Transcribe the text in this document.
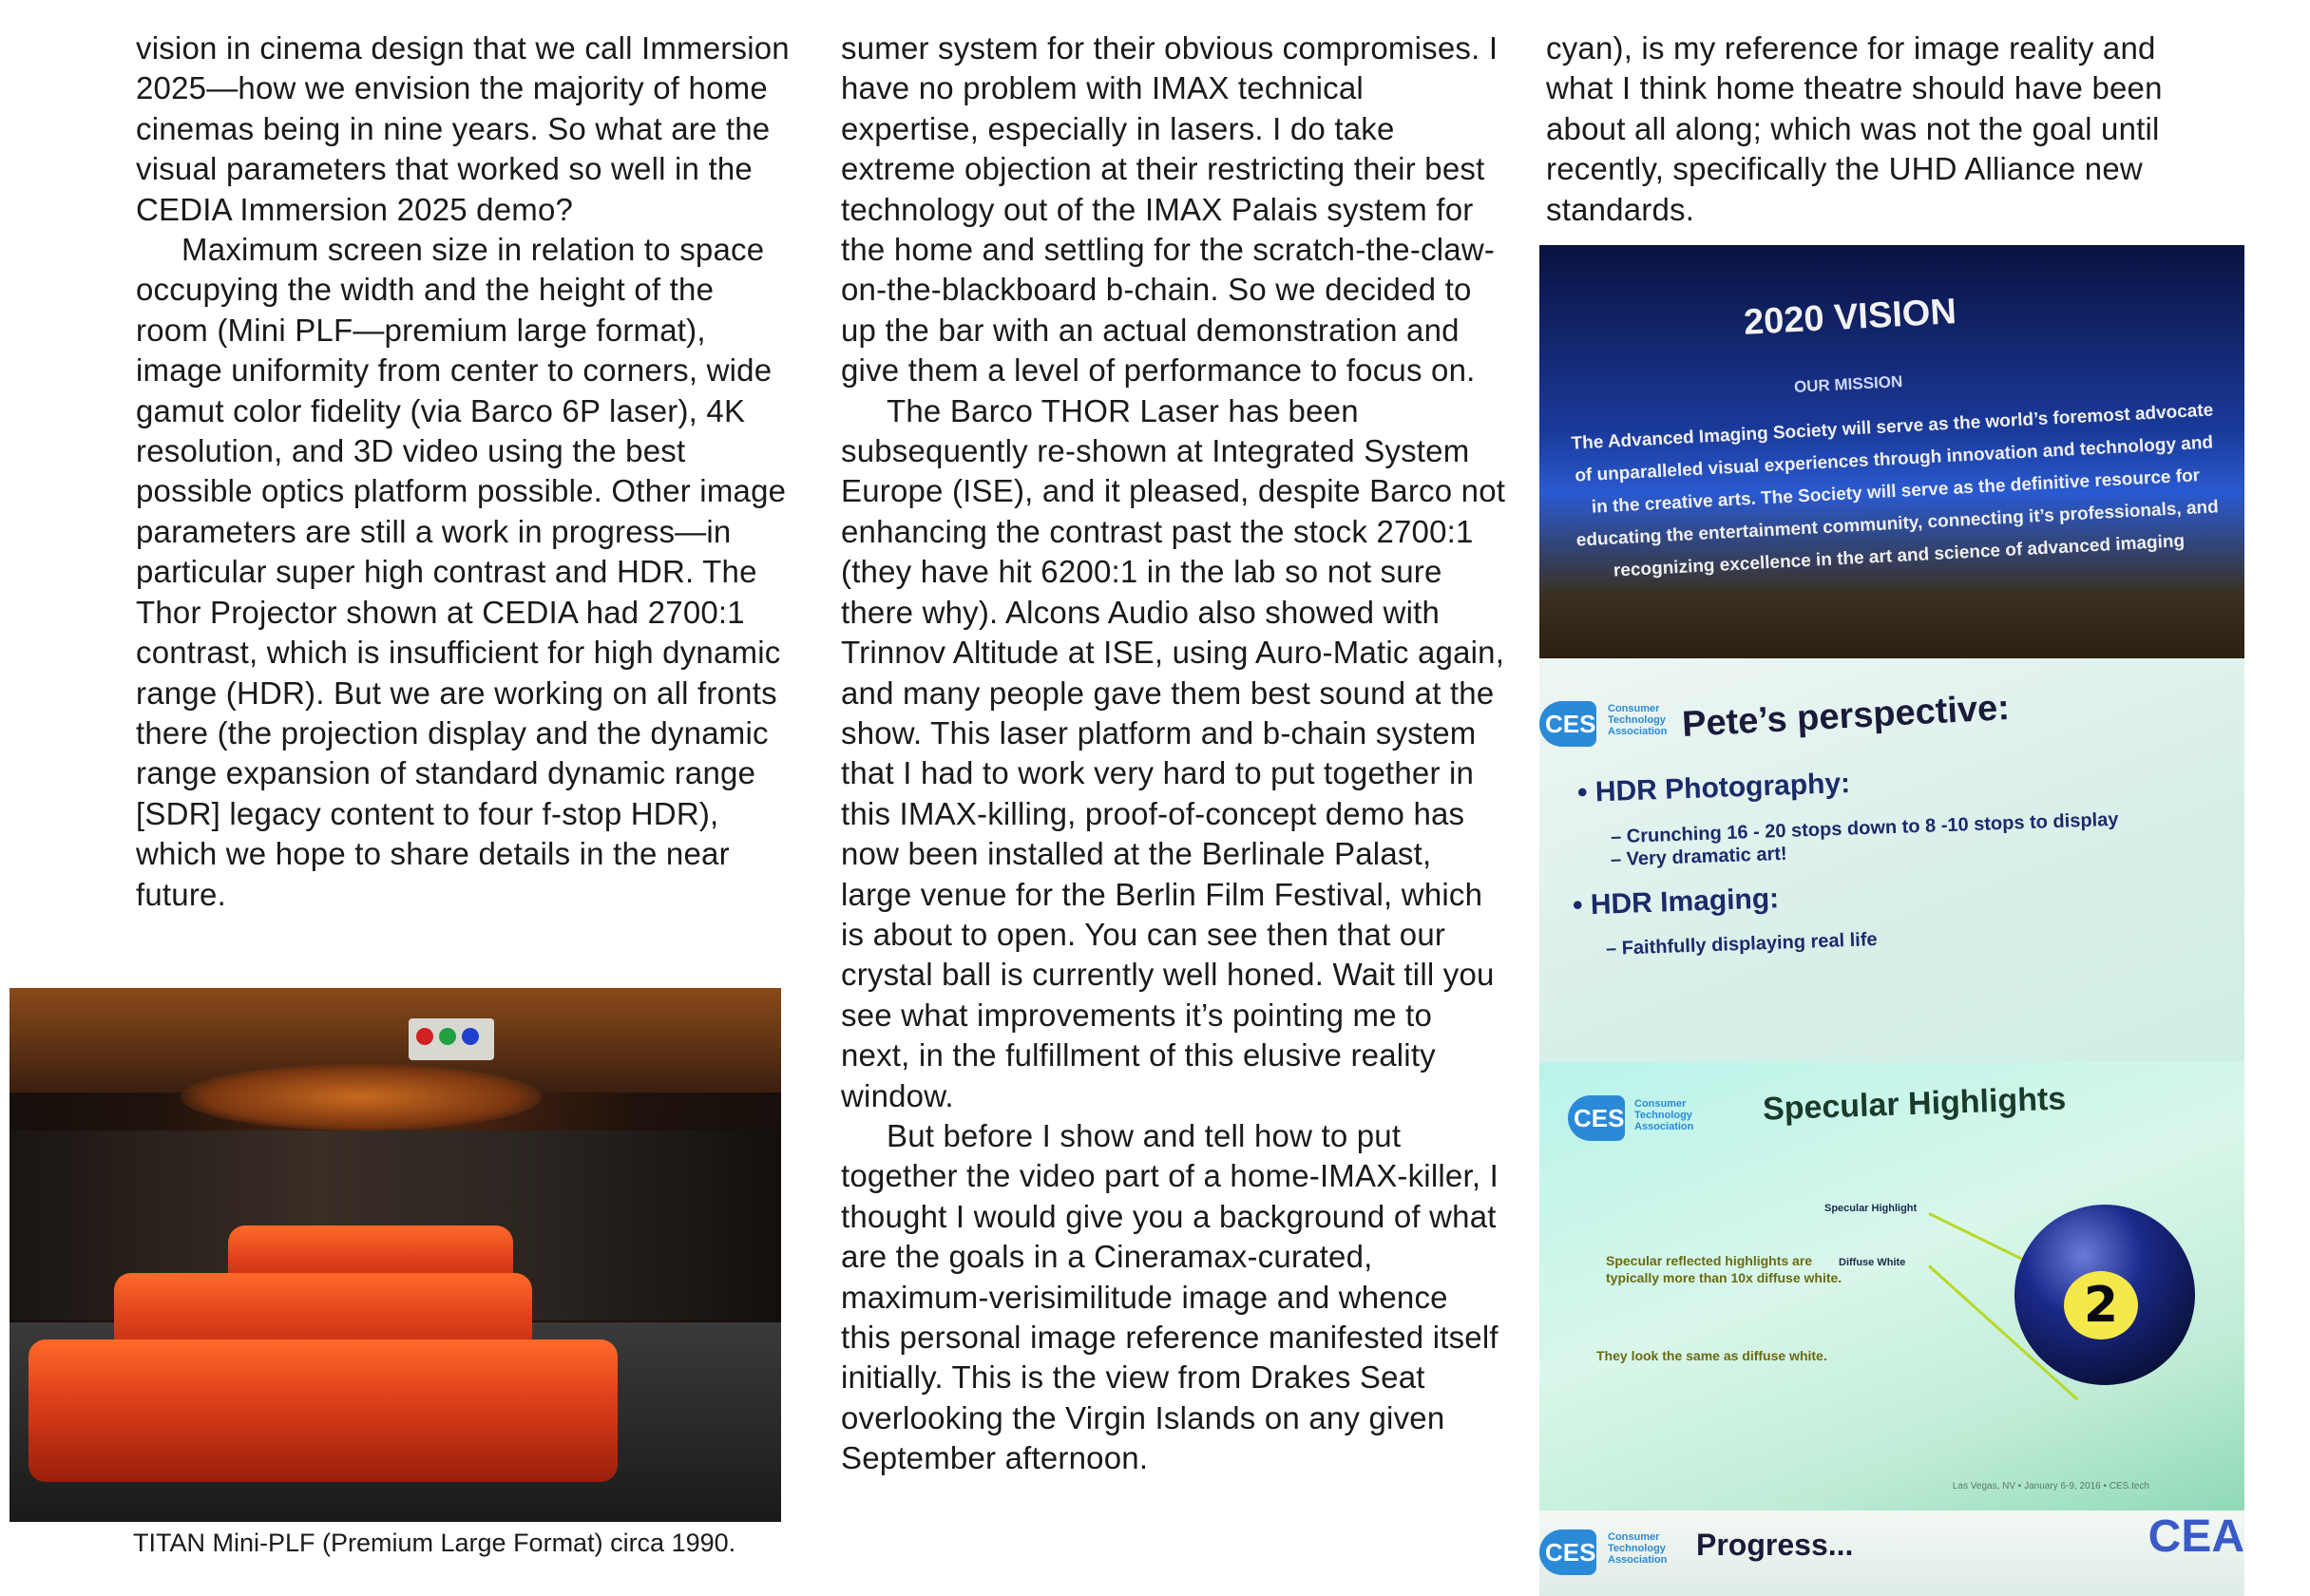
vision in cinema design that we call Immersion 2025—how we envision the majority of home cinemas being in nine years. So what are the visual parameters that worked so well in the CEDIA Immersion 2025 demo?

Maximum screen size in relation to space occupying the width and the height of the room (Mini PLF—premium large format), image uniformity from center to corners, wide gamut color fidelity (via Barco 6P laser), 4K resolution, and 3D video using the best possible optics platform possible. Other image parameters are still a work in progress—in particular super high contrast and HDR. The Thor Projector shown at CEDIA had 2700:1 contrast, which is insufficient for high dynamic range (HDR). But we are working on all fronts there (the projection display and the dynamic range expansion of standard dynamic range [SDR] legacy content to four f-stop HDR), which we hope to share details in the near future.

sumer system for their obvious compromises. I have no problem with IMAX technical expertise, especially in lasers. I do take extreme objection at their restricting their best technology out of the IMAX Palais system for the home and settling for the scratch-the-claw-on-the-blackboard b-chain. So we decided to up the bar with an actual demonstration and give them a level of performance to focus on.

The Barco THOR Laser has been subsequently re-shown at Integrated System Europe (ISE), and it pleased, despite Barco not enhancing the contrast past the stock 2700:1 (they have hit 6200:1 in the lab so not sure there why). Alcons Audio also showed with Trinnov Altitude at ISE, using Auro-Matic again, and many people gave them best sound at the show. This laser platform and b-chain system that I had to work very hard to put together in this IMAX-killing, proof-of-concept demo has now been installed at the Berlinale Palast, large venue for the Berlin Film Festival, which is about to open. You can see then that our crystal ball is currently well honed. Wait till you see what improvements it’s pointing me to next, in the fulfillment of this elusive reality window.

But before I show and tell how to put together the video part of a home-IMAX-killer, I thought I would give you a background of what are the goals in a Cineramax-curated, maximum-verisimilitude image and whence this personal image reference manifested itself initially. This is the view from Drakes Seat overlooking the Virgin Islands on any given September afternoon.

cyan), is my reference for image reality and what I think home theatre should have been about all along; which was not the goal until recently, specifically the UHD Alliance new standards.

TITAN Mini-PLF (Premium Large Format) circa 1990.
2020 VISION
OUR MISSION
The Advanced Imaging Society will serve as the world’s foremost advocate of unparalleled visual experiences through innovation and technology and in the creative arts. The Society will serve as the definitive resource for educating the entertainment community, connecting it’s professionals, and recognizing excellence in the art and science of advanced imaging
CES
Consumer Technology Association Pete’s perspective:
• HDR Photography:
– Crunching 16 - 20 stops down to 8 -10 stops to display
– Very dramatic art!
• HDR Imaging:
– Faithfully displaying real life
CES Consumer Technology Association	Specular Highlights
Specular Highlight
Diffuse White
Specular reflected highlights are typically more than 10x diffuse white.
They look the same as diffuse white.
2
Las Vegas, NV • January 6-9, 2016 • CES.tech
CES
Consumer Technology Association Progress...	CEA
